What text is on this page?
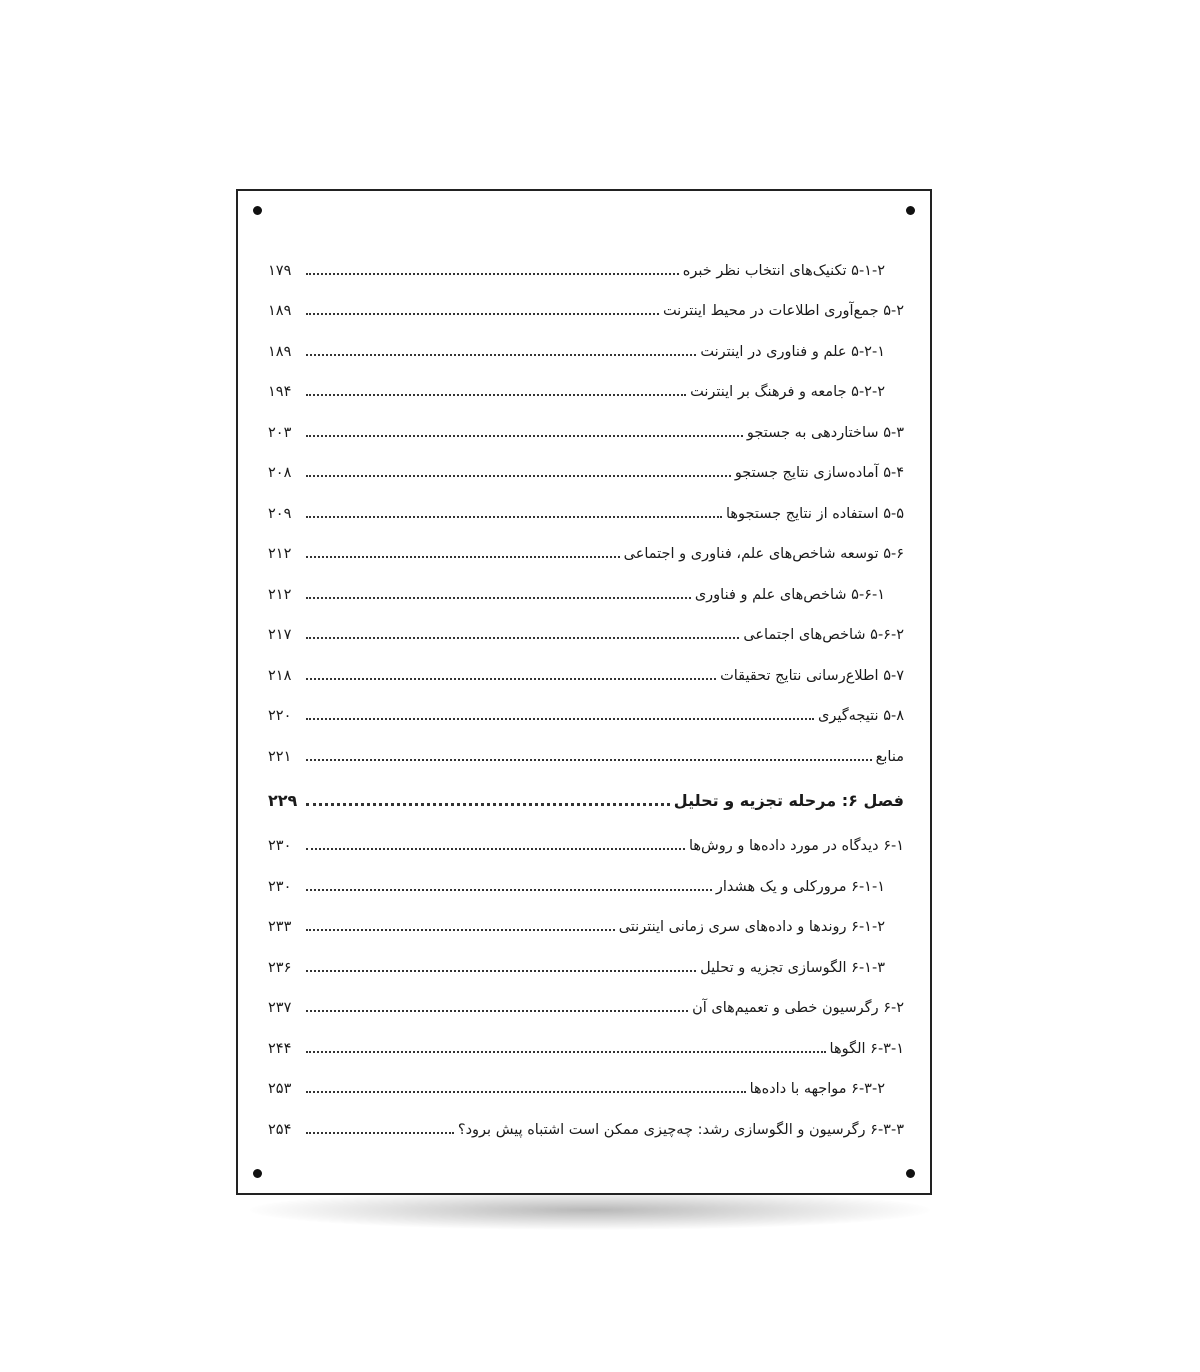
۵-۱-۲ تکنیک‌های انتخاب نظر خبره
۱۷۹
۵-۲ جمع‌آوری اطلاعات در محیط اینترنت
۱۸۹
۵-۲-۱ علم و فناوری در اینترنت
۱۸۹
۵-۲-۲ جامعه و فرهنگ بر اینترنت
۱۹۴
۵-۳ ساختاردهی به جستجو
۲۰۳
۵-۴ آماده‌سازی نتایج جستجو
۲۰۸
۵-۵ استفاده از نتایج جستجوها
۲۰۹
۵-۶ توسعه شاخص‌های علم، فناوری و اجتماعی
۲۱۲
۵-۶-۱ شاخص‌های علم و فناوری
۲۱۲
۵-۶-۲ شاخص‌های اجتماعی
۲۱۷
۵-۷ اطلاع‌رسانی نتایج تحقیقات
۲۱۸
۵-۸ نتیجه‌گیری
۲۲۰
منابع
۲۲۱
فصل ۶: مرحله تجزیه و تحلیل
۲۲۹
۶-۱ دیدگاه در مورد داده‌ها و روش‌ها
۲۳۰
۶-۱-۱ مرورکلی و یک هشدار
۲۳۰
۶-۱-۲ روندها و داده‌های سری زمانی اینترنتی
۲۳۳
۶-۱-۳ الگوسازی تجزیه و تحلیل
۲۳۶
۶-۲ رگرسیون خطی و تعمیم‌های آن
۲۳۷
۶-۳-۱ الگوها
۲۴۴
۶-۳-۲ مواجهه با داده‌ها
۲۵۳
۶-۳-۳ رگرسیون و الگوسازی رشد: چه‌چیزی ممکن است اشتباه پیش برود؟
۲۵۴
